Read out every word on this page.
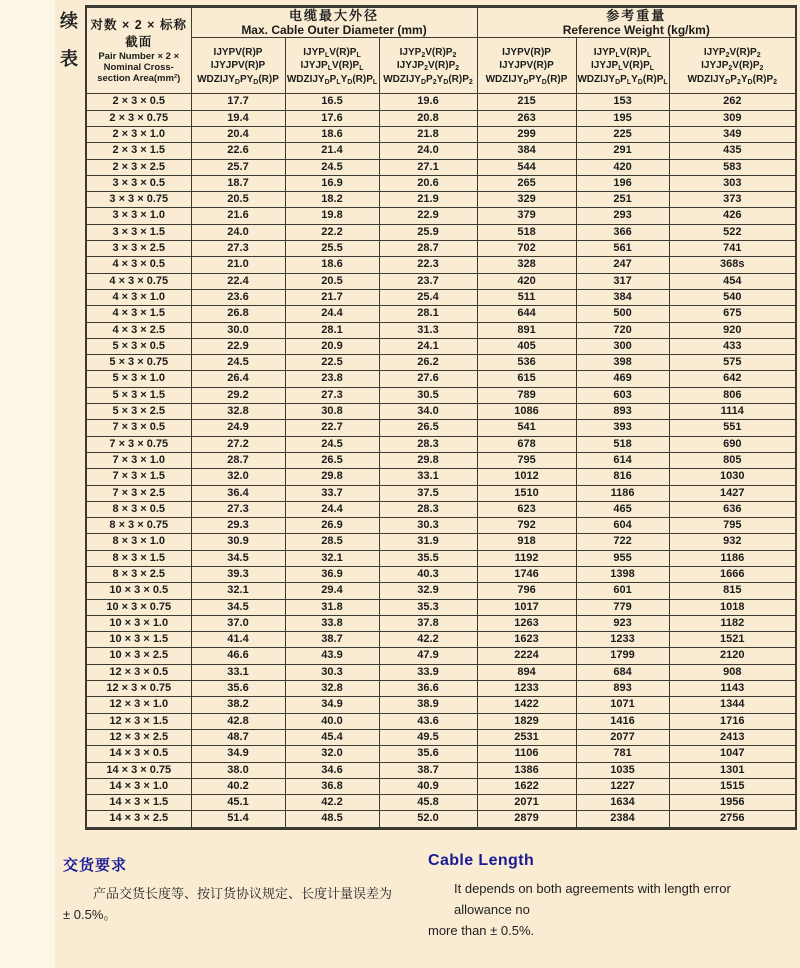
续
表
对数 × 2 × 标称
截面
Pair Number × 2 ×
Nominal Cross-
section Area(mm²)

电缆最大外径
Max. Cable Outer Diameter (mm)

参考重量
Reference Weight (kg/km)

IJYPV(R)P
IJYJPV(R)P
$WDZIJY_DPY_D(R)P$

$IJYP_LV(R)P_L$
$IJYJP_LV(R)P_L$
$WDZIJY_DP_LY_D(R)P_L$

$IJYP_2V(R)P_2$
$IJYJP_2V(R)P_2$
$WDZIJY_DP_2Y_D(R)P_2$

IJYPV(R)P
IJYJPV(R)P
$WDZIJY_DPY_D(R)P$

$IJYP_LV(R)P_L$
$IJYJP_LV(R)P_L$
$WDZIJY_DP_LY_D(R)P_L$

$IJYP_2V(R)P_2$
$IJYJP_2V(R)P_2$
$WDZIJY_DP_2Y_D(R)P_2$

2 × 3 × 0.5	17.7	16.5	19.6	215	153	262
2 × 3 × 0.75	19.4	17.6	20.8	263	195	309
2 × 3 × 1.0	20.4	18.6	21.8	299	225	349
2 × 3 × 1.5	22.6	21.4	24.0	384	291	435
2 × 3 × 2.5	25.7	24.5	27.1	544	420	583
3 × 3 × 0.5	18.7	16.9	20.6	265	196	303
3 × 3 × 0.75	20.5	18.2	21.9	329	251	373
3 × 3 × 1.0	21.6	19.8	22.9	379	293	426
3 × 3 × 1.5	24.0	22.2	25.9	518	366	522
3 × 3 × 2.5	27.3	25.5	28.7	702	561	741
4 × 3 × 0.5	21.0	18.6	22.3	328	247	368s
4 × 3 × 0.75	22.4	20.5	23.7	420	317	454
4 × 3 × 1.0	23.6	21.7	25.4	511	384	540
4 × 3 × 1.5	26.8	24.4	28.1	644	500	675
4 × 3 × 2.5	30.0	28.1	31.3	891	720	920
5 × 3 × 0.5	22.9	20.9	24.1	405	300	433
5 × 3 × 0.75	24.5	22.5	26.2	536	398	575
5 × 3 × 1.0	26.4	23.8	27.6	615	469	642
5 × 3 × 1.5	29.2	27.3	30.5	789	603	806
5 × 3 × 2.5	32.8	30.8	34.0	1086	893	1114
7 × 3 × 0.5	24.9	22.7	26.5	541	393	551
7 × 3 × 0.75	27.2	24.5	28.3	678	518	690
7 × 3 × 1.0	28.7	26.5	29.8	795	614	805
7 × 3 × 1.5	32.0	29.8	33.1	1012	816	1030
7 × 3 × 2.5	36.4	33.7	37.5	1510	1186	1427
8 × 3 × 0.5	27.3	24.4	28.3	623	465	636
8 × 3 × 0.75	29.3	26.9	30.3	792	604	795
8 × 3 × 1.0	30.9	28.5	31.9	918	722	932
8 × 3 × 1.5	34.5	32.1	35.5	1192	955	1186
8 × 3 × 2.5	39.3	36.9	40.3	1746	1398	1666
10 × 3 × 0.5	32.1	29.4	32.9	796	601	815
10 × 3 × 0.75	34.5	31.8	35.3	1017	779	1018
10 × 3 × 1.0	37.0	33.8	37.8	1263	923	1182
10 × 3 × 1.5	41.4	38.7	42.2	1623	1233	1521
10 × 3 × 2.5	46.6	43.9	47.9	2224	1799	2120
12 × 3 × 0.5	33.1	30.3	33.9	894	684	908
12 × 3 × 0.75	35.6	32.8	36.6	1233	893	1143
12 × 3 × 1.0	38.2	34.9	38.9	1422	1071	1344
12 × 3 × 1.5	42.8	40.0	43.6	1829	1416	1716
12 × 3 × 2.5	48.7	45.4	49.5	2531	2077	2413
14 × 3 × 0.5	34.9	32.0	35.6	1106	781	1047
14 × 3 × 0.75	38.0	34.6	38.7	1386	1035	1301
14 × 3 × 1.0	40.2	36.8	40.9	1622	1227	1515
14 × 3 × 1.5	45.1	42.2	45.8	2071	1634	1956
14 × 3 × 2.5	51.4	48.5	52.0	2879	2384	2756
交货要求

产品交货长度等、按订货协议规定、长度计量误差为

± 0.5%。

Cable Length

It depends on both agreements with length error allowance no

more than ± 0.5%.
